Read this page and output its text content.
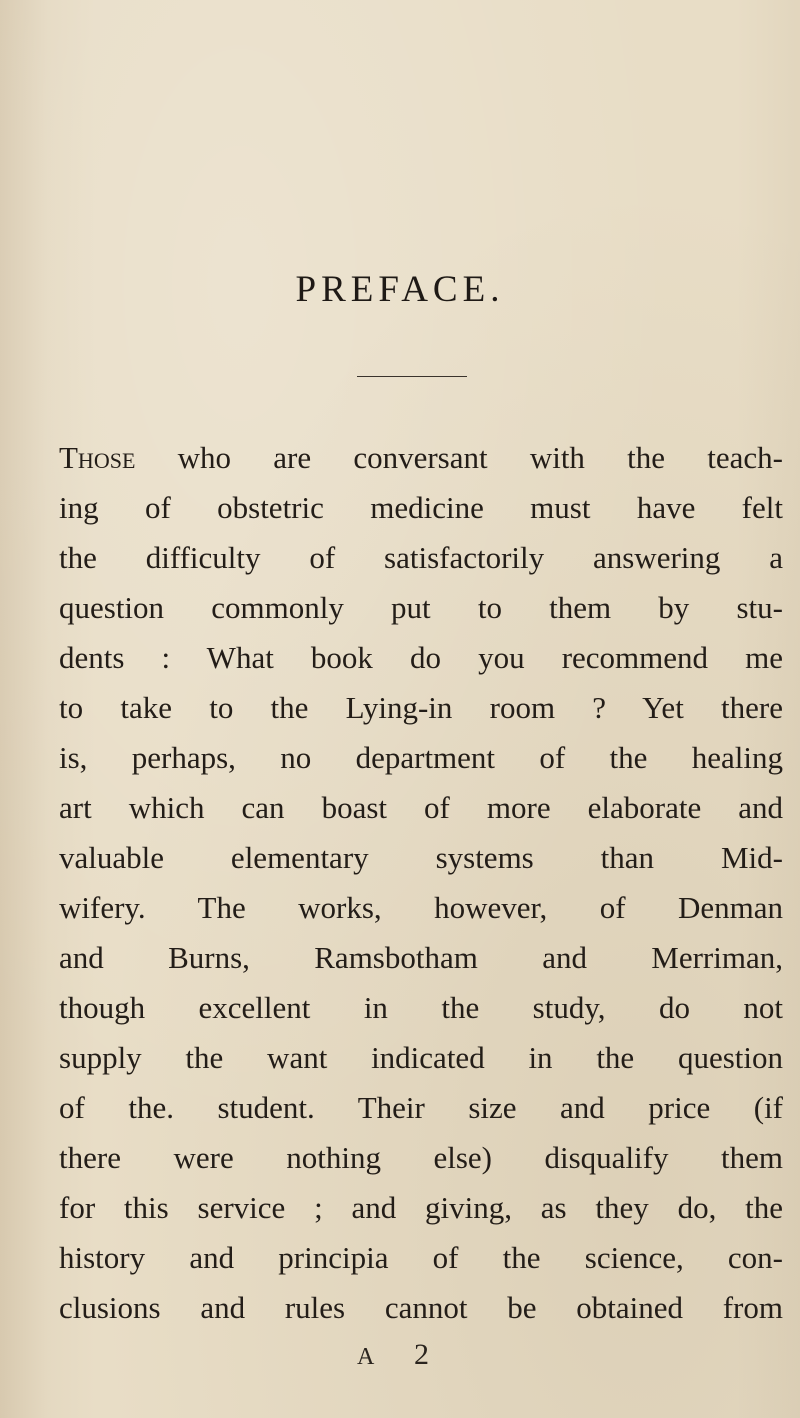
PREFACE.
Those who are conversant with the teach-
ing of obstetric medicine must have felt
the difficulty of satisfactorily answering a
question commonly put to them by stu-
dents : What book do you recommend me
to take to the Lying-in room ? Yet there
is, perhaps, no department of the healing
art which can boast of more elaborate and
valuable elementary systems than Mid-
wifery. The works, however, of Denman
and Burns, Ramsbotham and Merriman,
though excellent in the study, do not
supply the want indicated in the question
of the. student. Their size and price (if
there were nothing else) disqualify them
for this service ; and giving, as they do, the
history and principia of the science, con-
clusions and rules cannot be obtained from
A 2
